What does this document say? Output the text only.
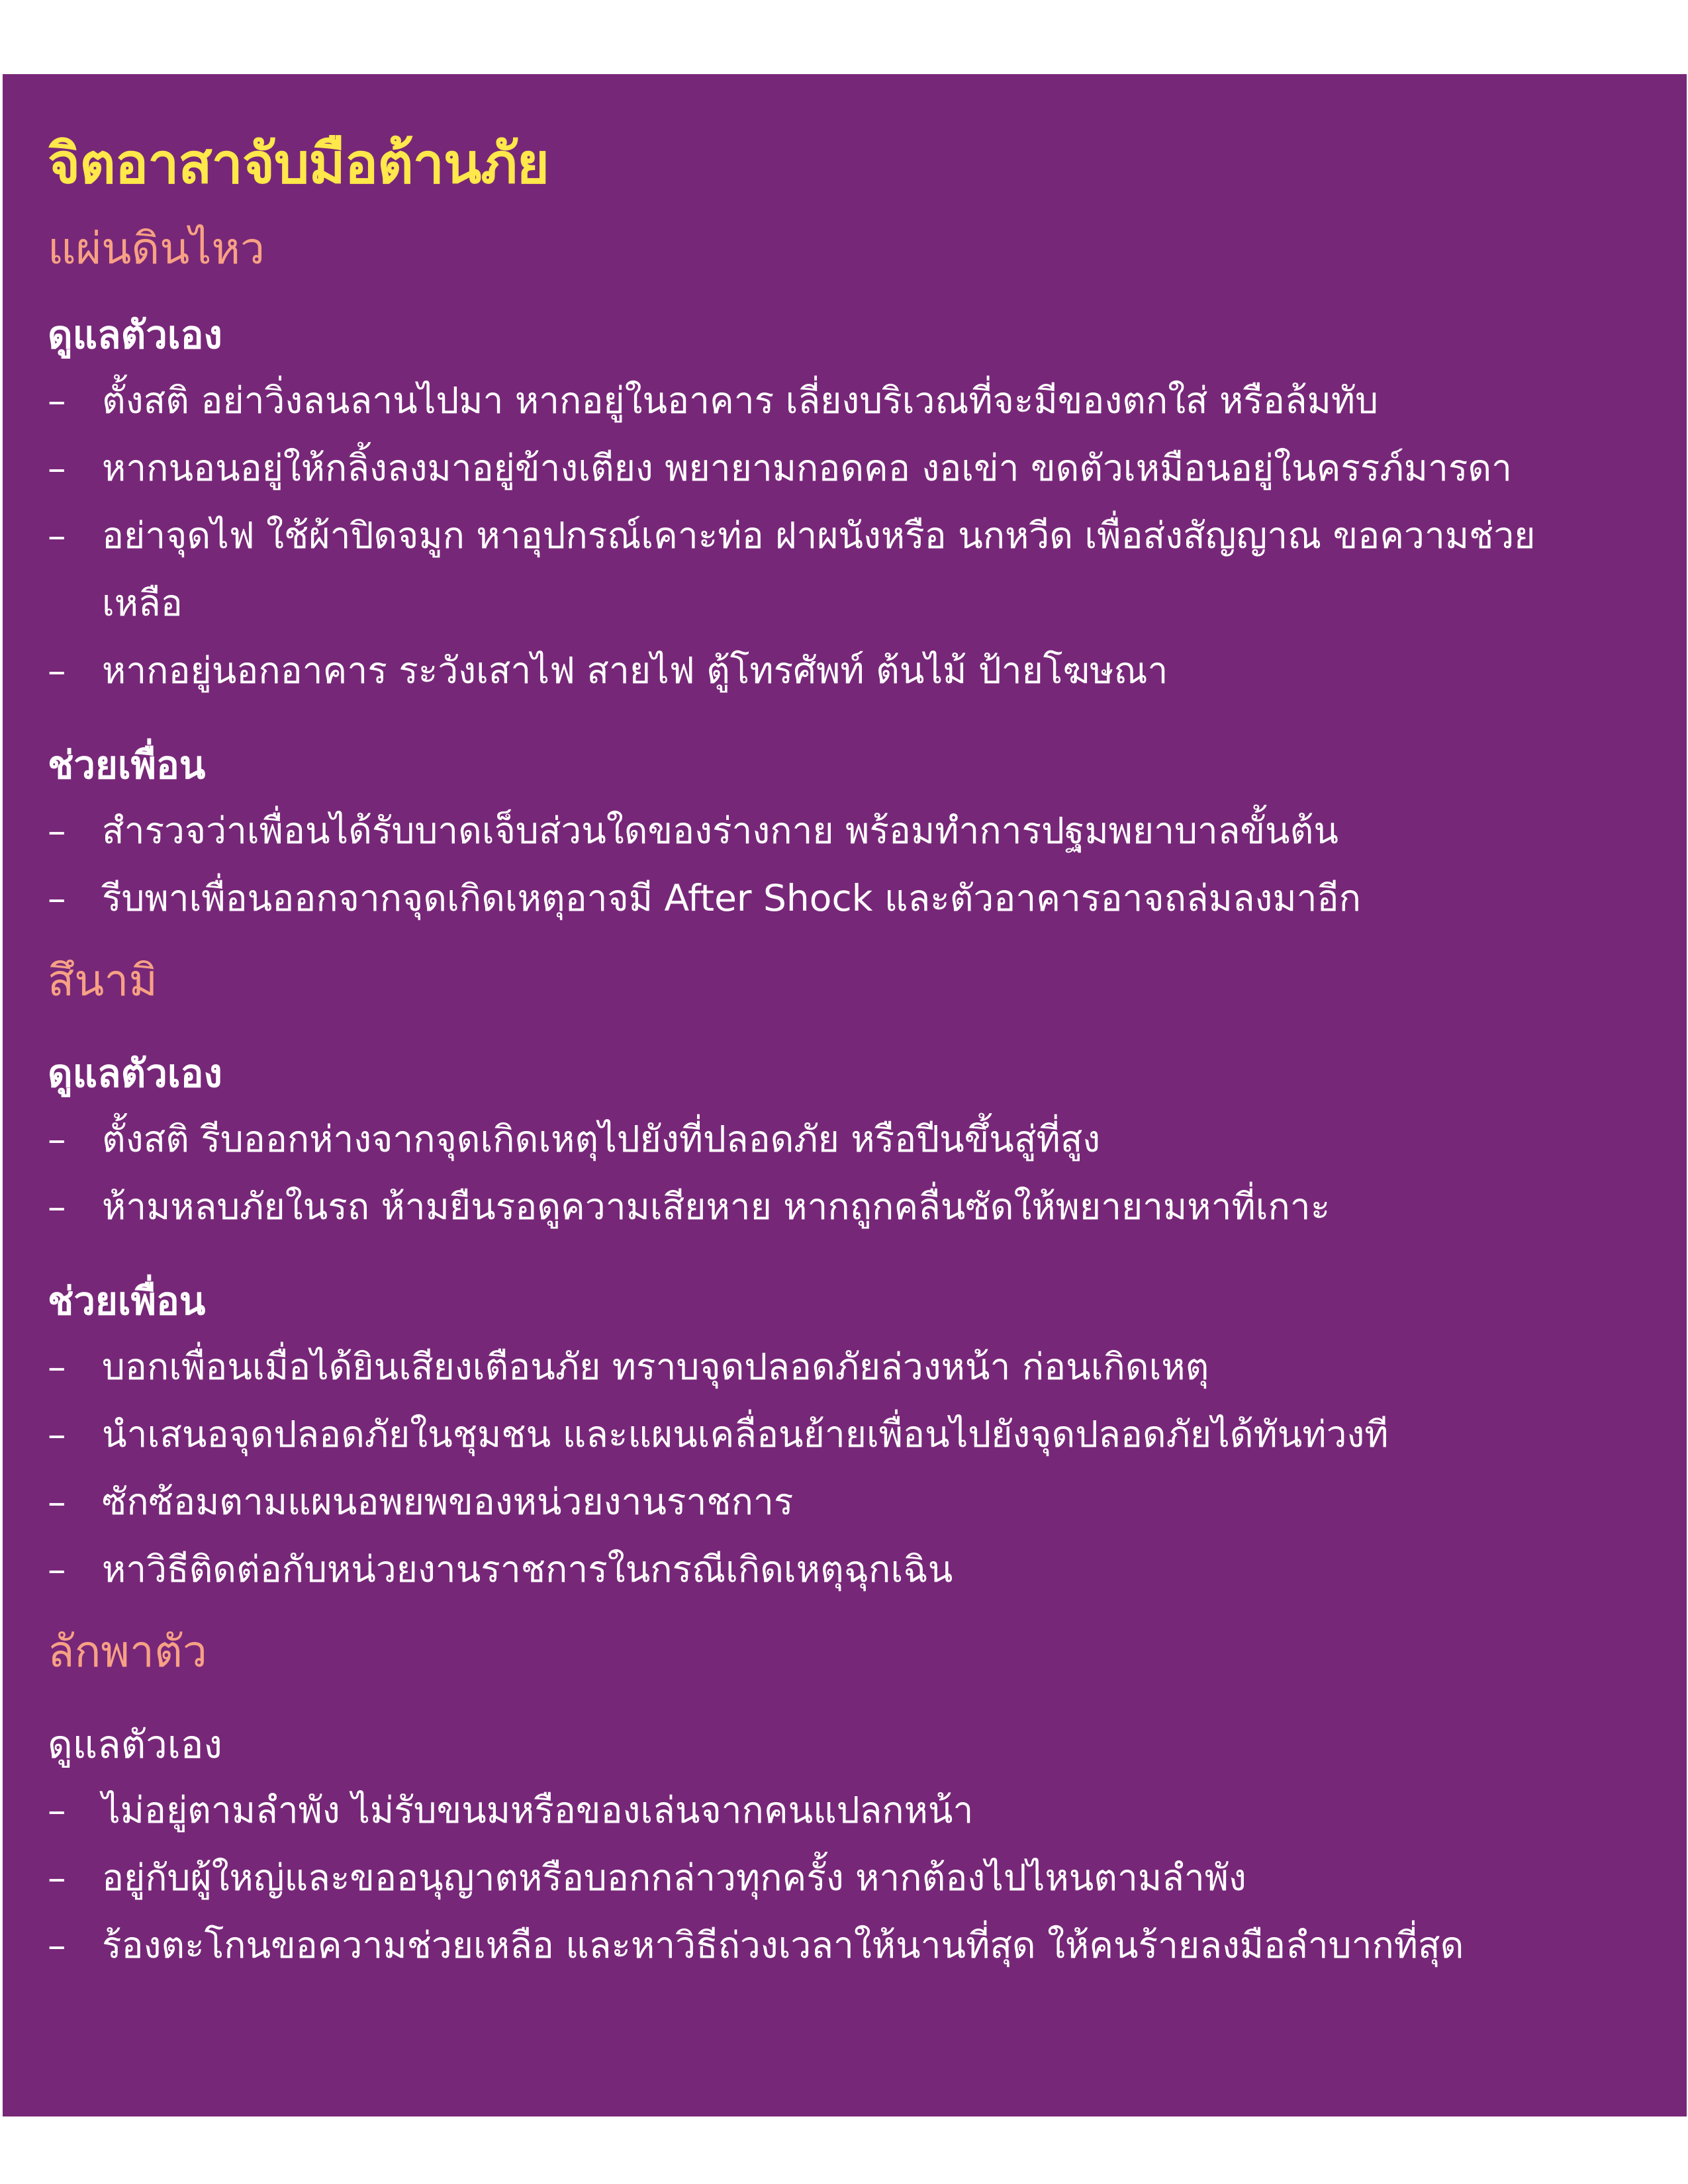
จิตอาสาจับมือต้านภัย
แผ่นดินไหว
ดูแลตัวเอง
– ตั้งสติ อย่าวิ่งลนลานไปมา หากอยู่ในอาคาร เลี่ยงบริเวณที่จะมีของตกใส่ หรือล้มทับ
– หากนอนอยู่ให้กลิ้งลงมาอยู่ข้างเตียง พยายามกอดคอ งอเข่า ขดตัวเหมือนอยู่ในครรภ์มารดา
– อย่าจุดไฟ ใช้ผ้าปิดจมูก หาอุปกรณ์เคาะท่อ ฝาผนังหรือ นกหวีด เพื่อส่งสัญญาณ ขอความช่วยเหลือ
– หากอยู่นอกอาคาร ระวังเสาไฟ สายไฟ ตู้โทรศัพท์ ต้นไม้ ป้ายโฆษณา
ช่วยเพื่อน
– สำรวจว่าเพื่อนได้รับบาดเจ็บส่วนใดของร่างกาย พร้อมทำการปฐมพยาบาลขั้นต้น
– รีบพาเพื่อนออกจากจุดเกิดเหตุอาจมี After Shock และตัวอาคารอาจถล่มลงมาอีก
สึนามิ
ดูแลตัวเอง
– ตั้งสติ รีบออกห่างจากจุดเกิดเหตุไปยังที่ปลอดภัย หรือปีนขึ้นสู่ที่สูง
– ห้ามหลบภัยในรถ ห้ามยืนรอดูความเสียหาย หากถูกคลื่นซัดให้พยายามหาที่เกาะ
ช่วยเพื่อน
– บอกเพื่อนเมื่อได้ยินเสียงเตือนภัย ทราบจุดปลอดภัยล่วงหน้า ก่อนเกิดเหตุ
– นำเสนอจุดปลอดภัยในชุมชน และแผนเคลื่อนย้ายเพื่อนไปยังจุดปลอดภัยได้ทันท่วงที
– ซักซ้อมตามแผนอพยพของหน่วยงานราชการ
– หาวิธีติดต่อกับหน่วยงานราชการในกรณีเกิดเหตุฉุกเฉิน
ลักพาตัว
ดูแลตัวเอง
– ไม่อยู่ตามลำพัง ไม่รับขนมหรือของเล่นจากคนแปลกหน้า
– อยู่กับผู้ใหญ่และขออนุญาตหรือบอกกล่าวทุกครั้ง หากต้องไปไหนตามลำพัง
– ร้องตะโกนขอความช่วยเหลือ และหาวิธีถ่วงเวลาให้นานที่สุด ให้คนร้ายลงมือลำบากที่สุด
